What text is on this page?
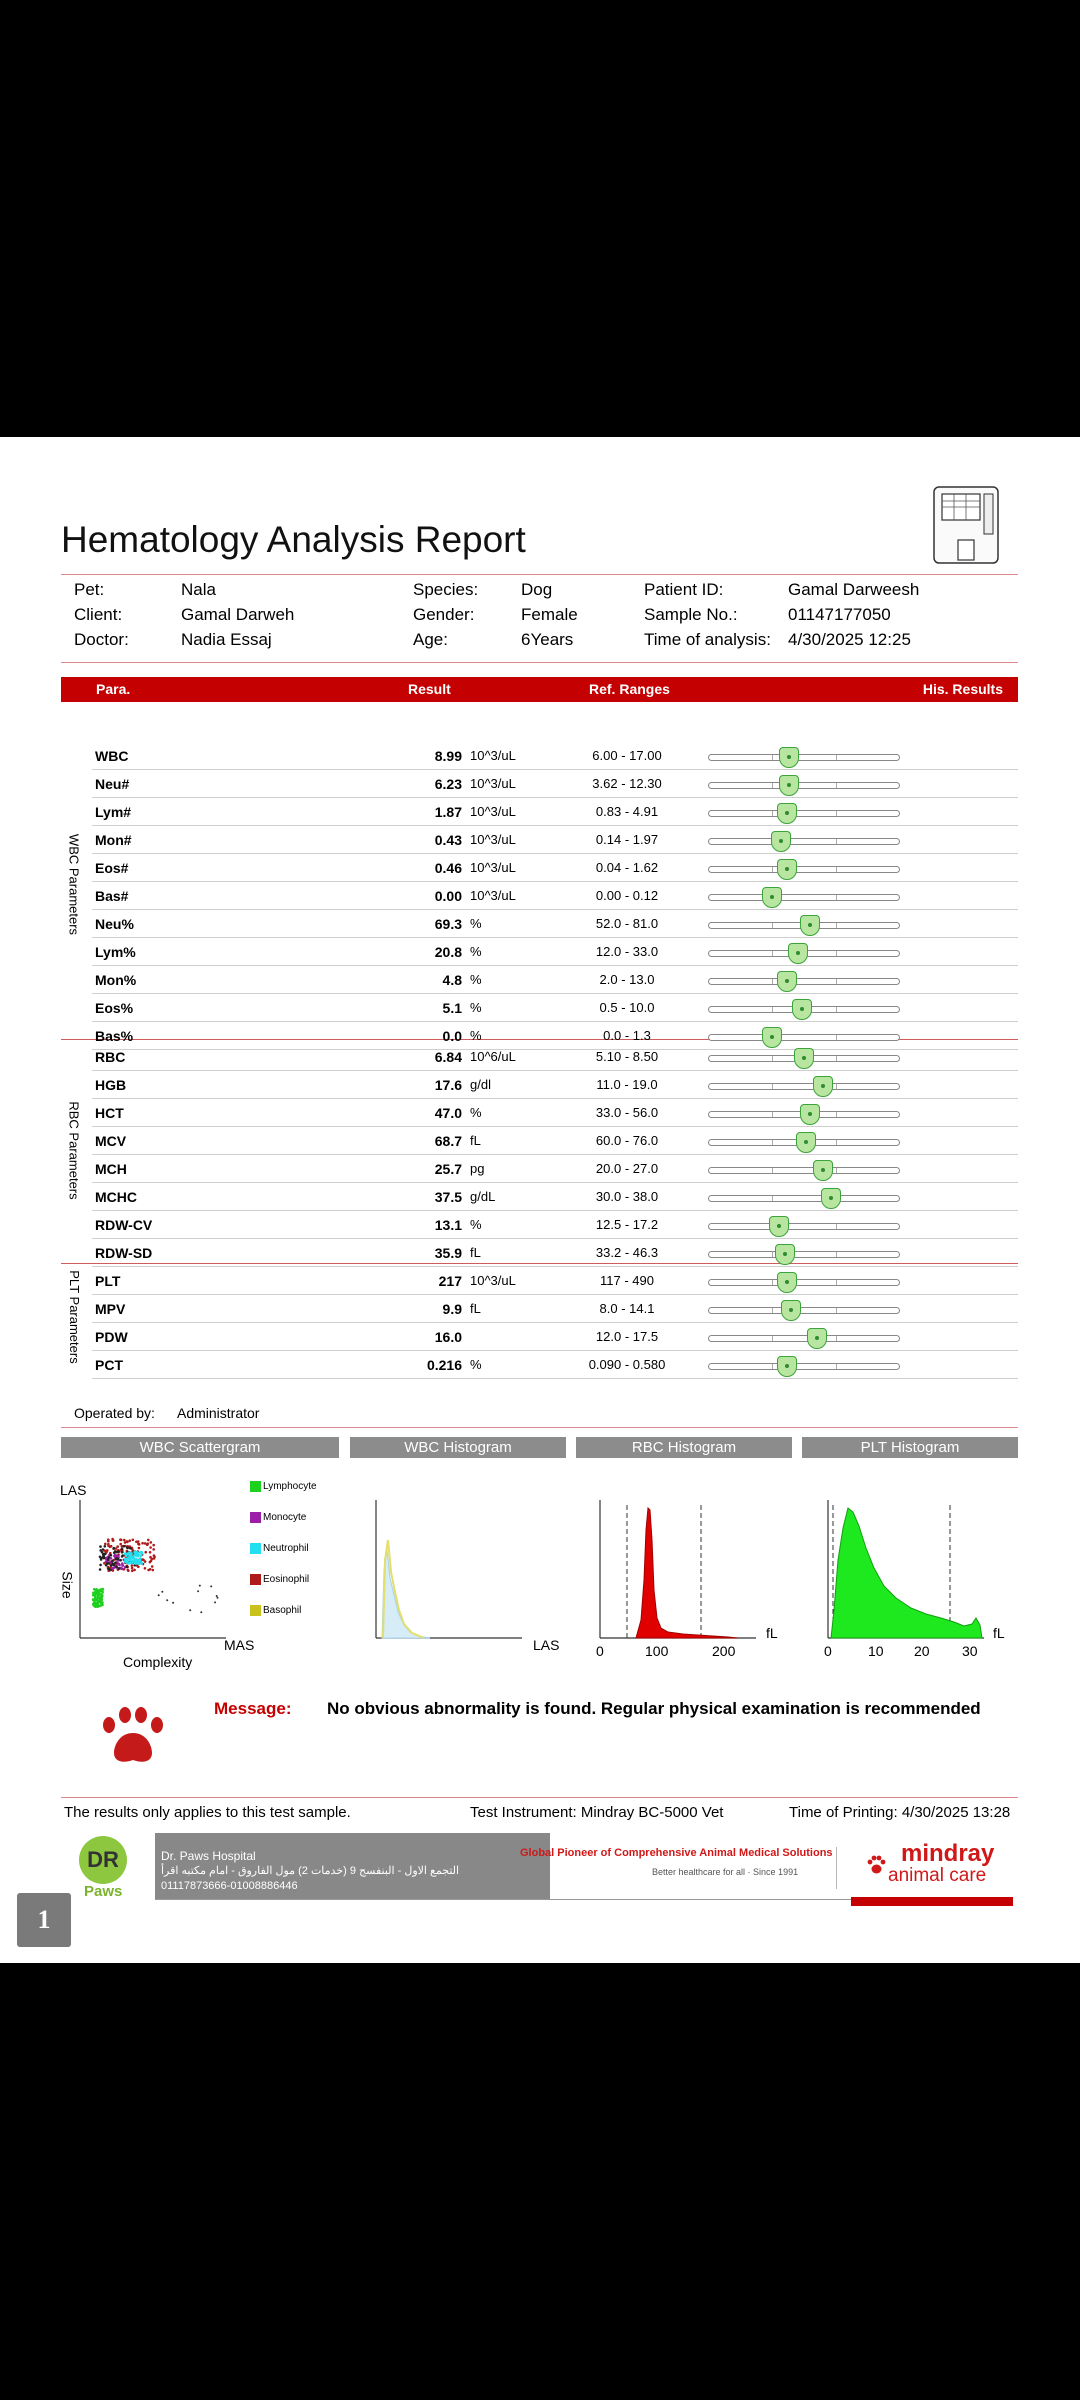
Hematology Analysis Report
Pet:	Nala
Client:	Gamal Darweh
Doctor:	Nadia Essaj
Species:	Dog
Gender:	Female
Age:	6Years
Patient ID:	Gamal Darweesh
Sample No.:	01147177050
Time of analysis: 4/30/2025 12:25
Para.	Result	Ref. Ranges	His. Results
WBC Parameters
RBC Parameters
PLT Parameters
WBC	8.99 10^3/uL	6.00 - 17.00
Neu#	6.23 10^3/uL	3.62 - 12.30
Lym#	1.87 10^3/uL	0.83 - 4.91
Mon#	0.43 10^3/uL	0.14 - 1.97
Eos#	0.46 10^3/uL	0.04 - 1.62
Bas#	0.00 10^3/uL	0.00 - 0.12
Neu%	69.3 %	52.0 - 81.0
Lym%	20.8 %	12.0 - 33.0
Mon%	4.8 %	2.0 - 13.0
Eos%	5.1 %	0.5 - 10.0
Bas%	0.0 %	0.0 - 1.3
RBC	6.84 10^6/uL	5.10 - 8.50
HGB	17.6 g/dl	11.0 - 19.0
HCT	47.0 %	33.0 - 56.0
MCV	68.7 fL	60.0 - 76.0
MCH	25.7 pg	20.0 - 27.0
MCHC	37.5 g/dL	30.0 - 38.0
RDW-CV	13.1 %	12.5 - 17.2
RDW-SD	35.9 fL	33.2 - 46.3
PLT	217 10^3/uL	117 - 490
MPV	9.9 fL	8.0 - 14.1
PDW	16.0	12.0 - 17.5
PCT	0.216 %	0.090 - 0.580
Operated by: Administrator
WBC Scattergram	WBC Histogram	RBC Histogram	PLT Histogram
LAS
Size
Complexity
MAS
Lymphocyte
Monocyte
Neutrophil
Eosinophil
Basophil
LAS	0	100	200
fL
0	10 20 30
fL
Message: No obvious abnormality is found. Regular physical examination is recommended
The results only applies to this test sample.	Test Instrument: Mindray BC-5000 Vet	Time of Printing: 4/30/2025 13:28
DR
Paws
Dr. Paws Hospital
التجمع الاول - البنفسج 9 (خدمات 2) مول الفاروق - امام مكتبه اقرأ
01117873666-01008886446
Global Pioneer of Comprehensive Animal Medical Solutions
Better healthcare for all · Since 1991
mindray
animal care
1
